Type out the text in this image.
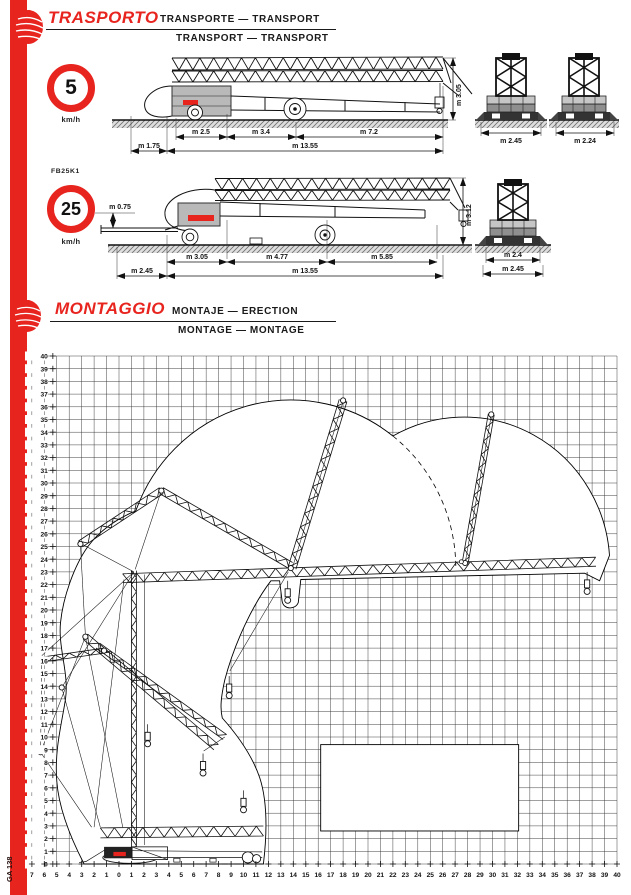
GA 138
TRASPORTO TRANSPORTE — TRANSPORT
TRANSPORT — TRANSPORT
5
km/h
FB25K1
25
km/h
m 2.5	m 3.4	m 7.2
m 1.75	m 13.55
m 3.05
m 2.45	m 2.24
m 0.75
m 3.05	m 4.77	m 5.85
m 2.45	m 13.55
m 3.12
m 2.4
m 2.45
MONTAGGIO MONTAJE — ERECTION
MONTAGE — MONTAGE
0
1
2
3
4
5
6
7
8
9
10
11
12
13
14
15
16
17
18
19
20
21
22
23
24
25
26
27
28
29
30
31
32
33
34
35
36
37
38
39
40
7 6 5 4 3 2 1 0 1 2 3 4 5 6 7 8 9 10 11 12 13 14 15 16 17 18 19 20 21 22 23 24 25 26 27 28 29 30 31 32 33 34 35 36 37 38 39 40
